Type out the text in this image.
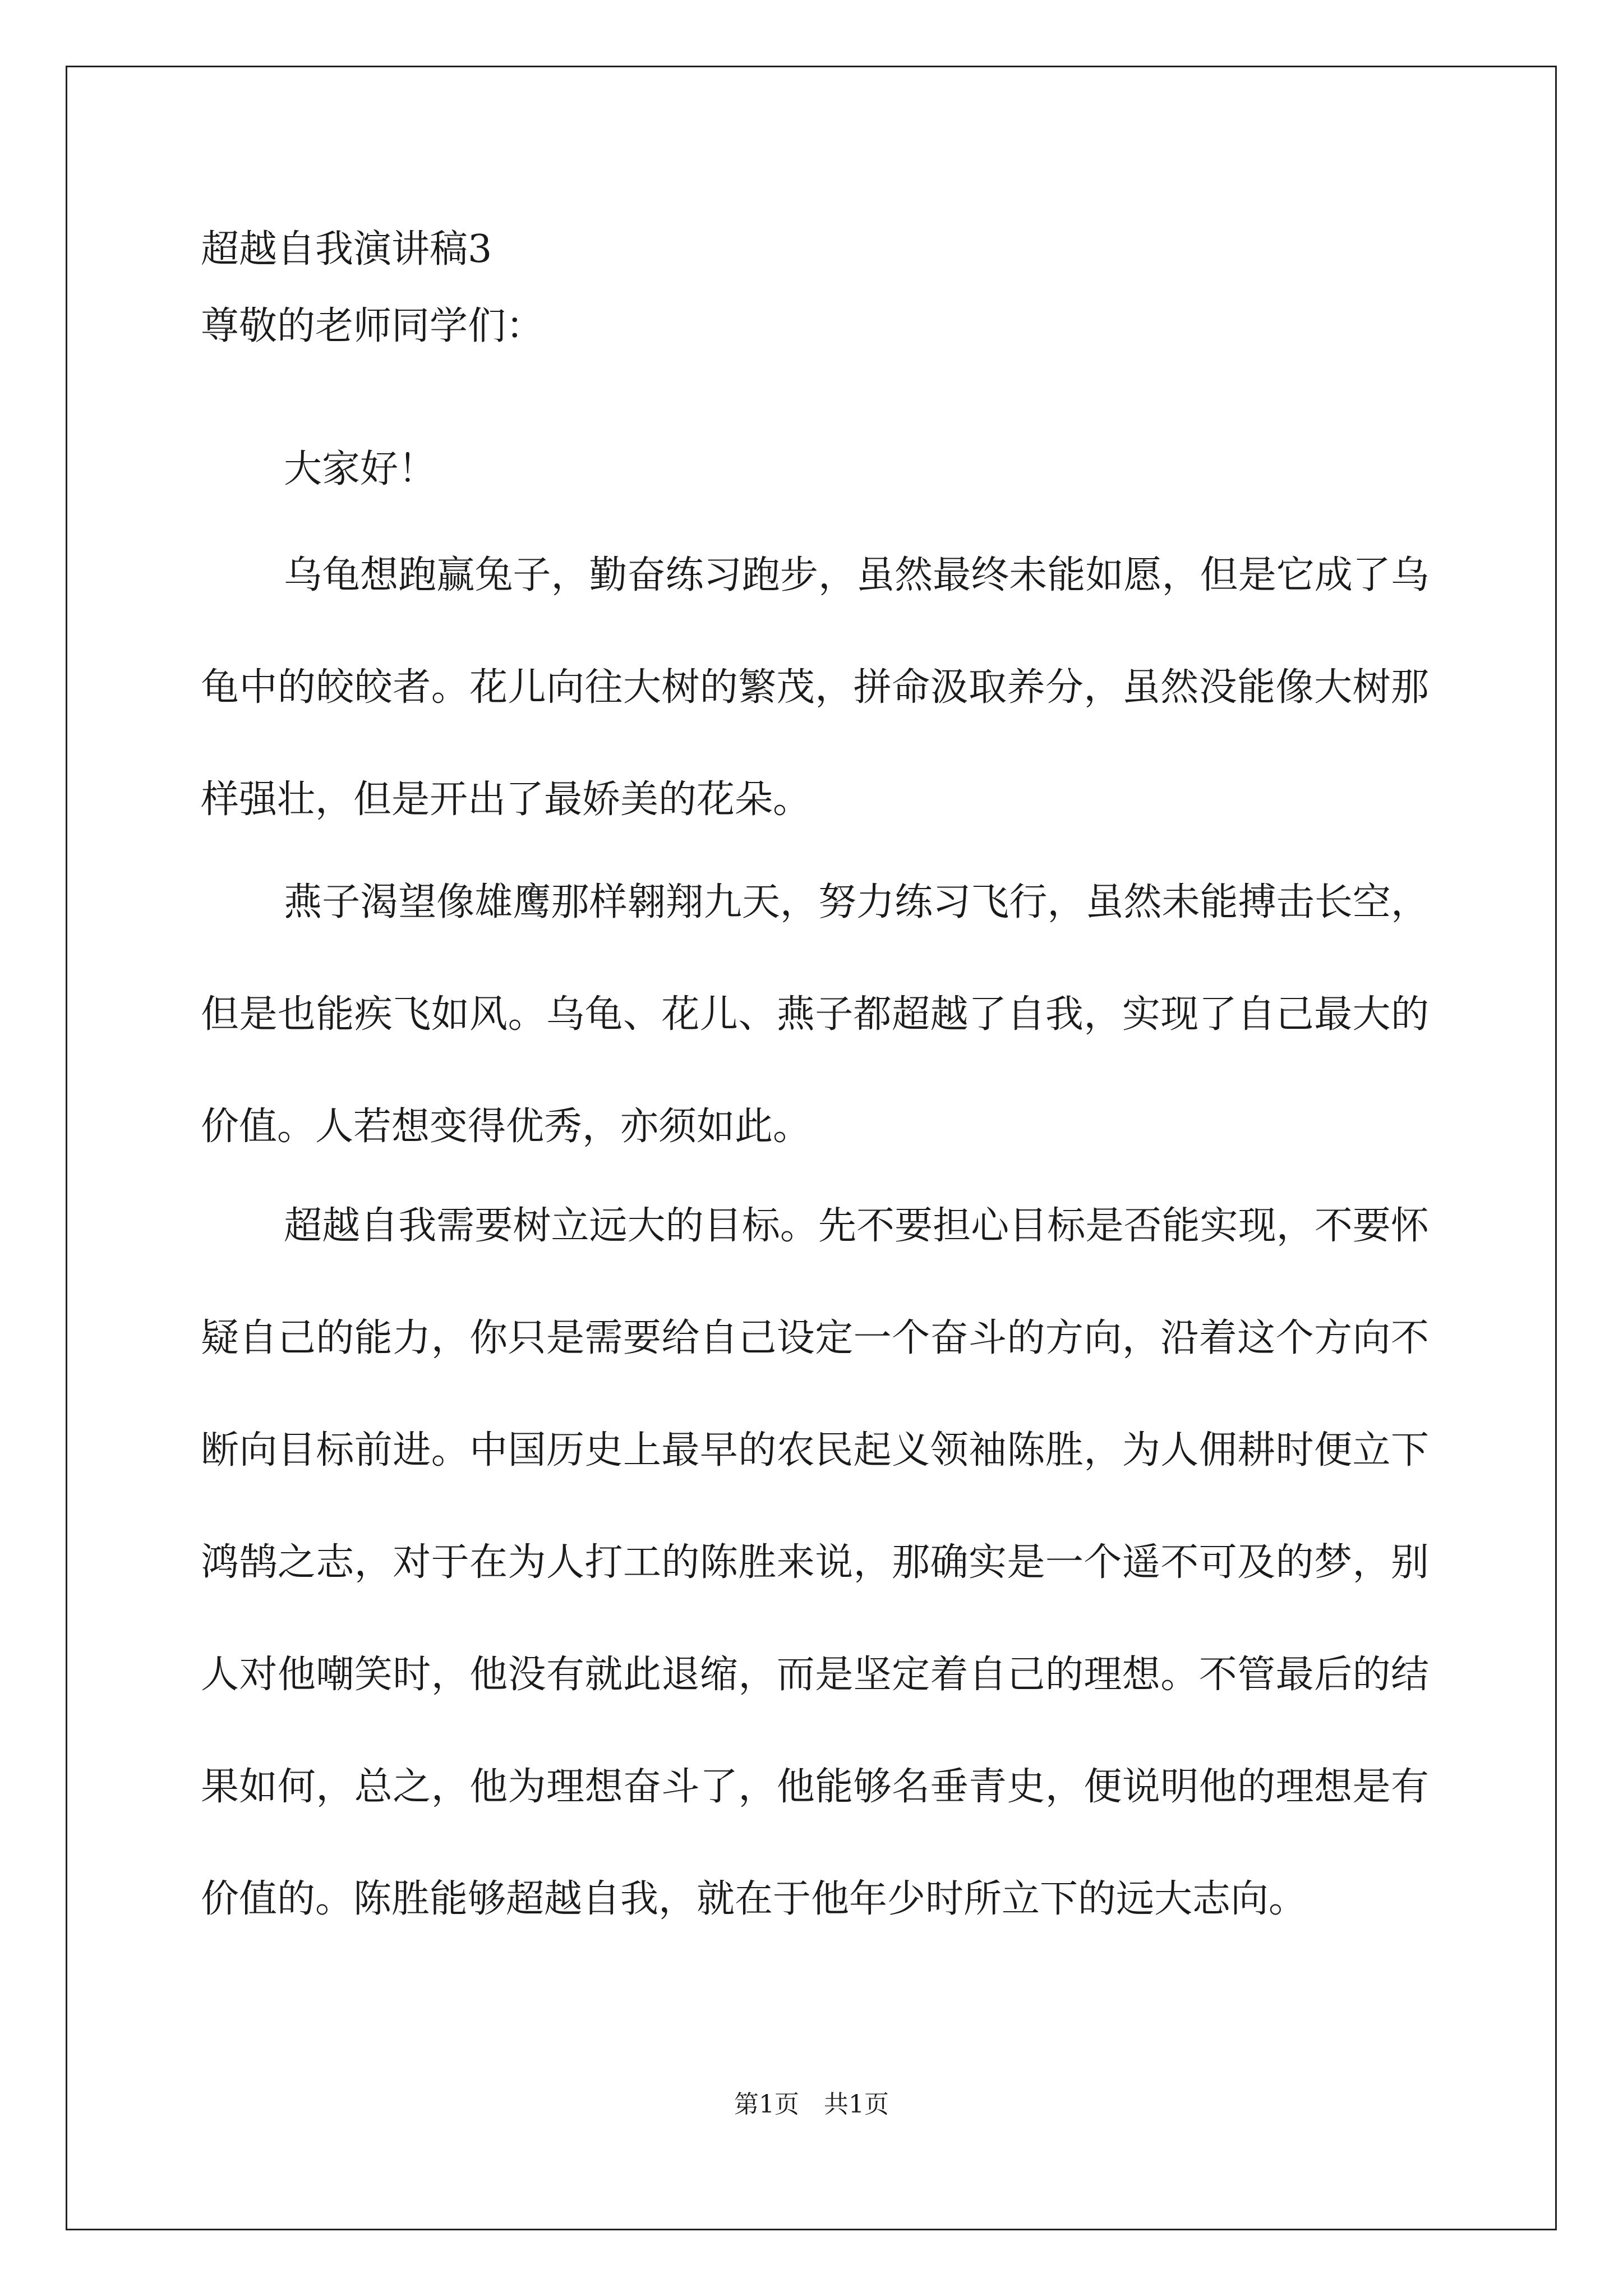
超越自我演讲稿3
尊敬的老师同学们：
大家好！

乌龟想跑赢兔子，勤奋练习跑步，虽然最终未能如愿，但是它成了乌龟中的皎皎者。花儿向往大树的繁茂，拼命汲取养分，虽然没能像大树那样强壮，但是开出了最娇美的花朵。

燕子渴望像雄鹰那样翱翔九天，努力练习飞行，虽然未能搏击长空，但是也能疾飞如风。乌龟、花儿、燕子都超越了自我，实现了自己最大的价值。人若想变得优秀，亦须如此。

超越自我需要树立远大的目标。先不要担心目标是否能实现，不要怀疑自己的能力，你只是需要给自己设定一个奋斗的方向，沿着这个方向不断向目标前进。中国历史上最早的农民起义领袖陈胜，为人佣耕时便立下鸿鹄之志，对于在为人打工的陈胜来说，那确实是一个遥不可及的梦，别人对他嘲笑时，他没有就此退缩，而是坚定着自己的理想。不管最后的结果如何，总之，他为理想奋斗了，他能够名垂青史，便说明他的理想是有价值的。陈胜能够超越自我，就在于他年少时所立下的远大志向。

第1页　共1页
